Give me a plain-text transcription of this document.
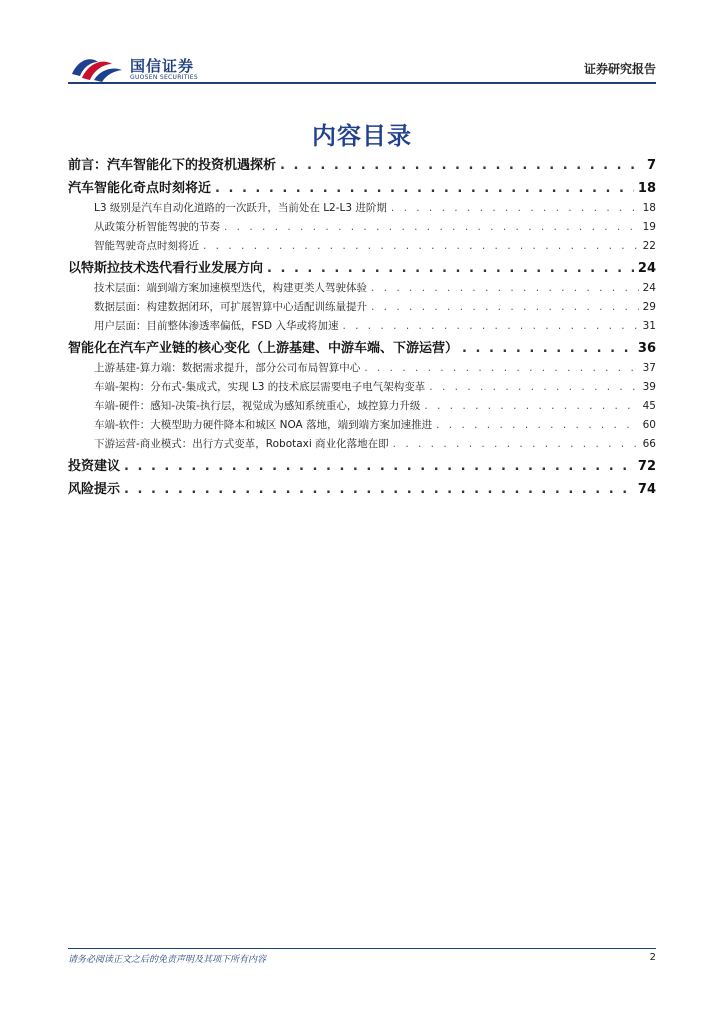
国信证券
GUOSEN SECURITIES
证券研究报告
内容目录
前言：汽车智能化下的投资机遇探析 . . .	7
汽车智能化奇点时刻将近 . . .	18
L3 级别是汽车自动化道路的一次跃升，当前处在 L2-L3 进阶期 . . .	18
从政策分析智能驾驶的节奏 . . .	19
智能驾驶奇点时刻将近 . . .	22
以特斯拉技术迭代看行业发展方向 . . .	24
技术层面：端到端方案加速模型迭代，构建更类人驾驶体验 . . .	24
数据层面：构建数据闭环，可扩展智算中心适配训练量提升 . . .	29
用户层面：目前整体渗透率偏低，FSD 入华或将加速 . . .	31
智能化在汽车产业链的核心变化（上游基建、中游车端、下游运营） . . .	36
上游基建-算力端：数据需求提升，部分公司布局智算中心 . . .	37
车端-架构：分布式-集成式，实现 L3 的技术底层需要电子电气架构变革 . . .	39
车端-硬件：感知-决策-执行层，视觉成为感知系统重心，域控算力升级 . . .	45
车端-软件：大模型助力硬件降本和城区 NOA 落地，端到端方案加速推进 . . .	60
下游运营-商业模式：出行方式变革，Robotaxi 商业化落地在即 . . .	66
投资建议 . . .	72
风险提示 . . .	74
请务必阅读正文之后的免责声明及其项下所有内容	2
